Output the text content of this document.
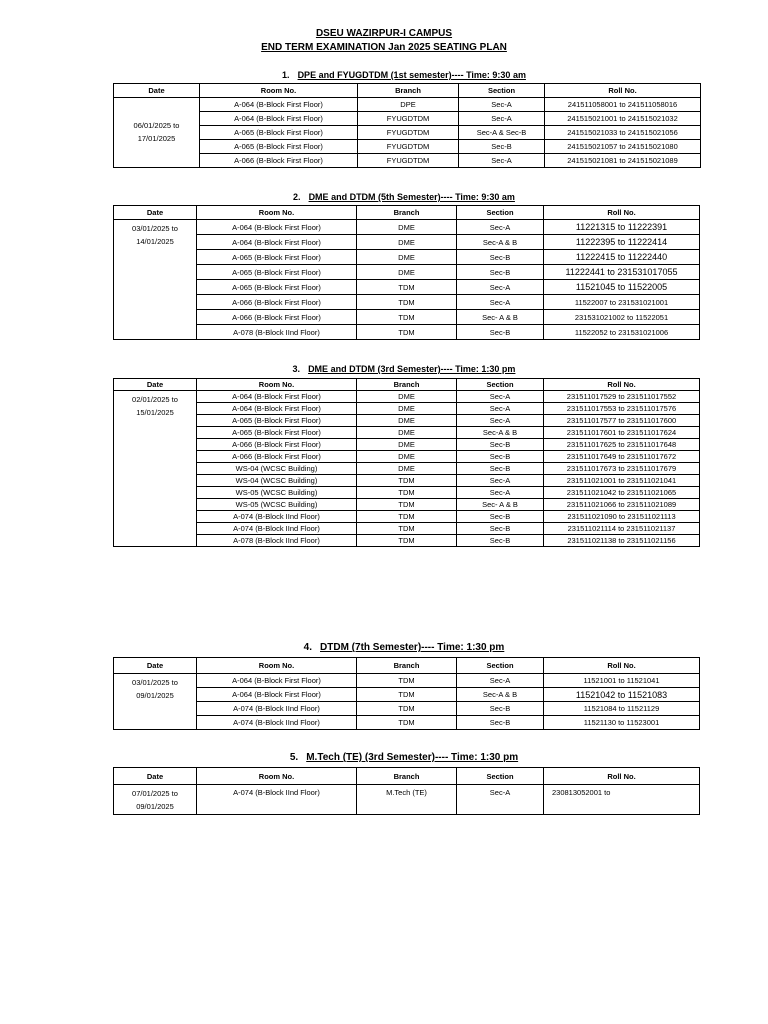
DSEU WAZIRPUR-I CAMPUS
END TERM EXAMINATION Jan 2025 SEATING PLAN
1. DPE and FYUGDTDM (1st semester)---- Time: 9:30 am
Date	Room No.	Branch	Section	Roll No.
06/01/2025 to
17/01/2025	A-064 (B-Block First Floor)	DPE	Sec-A	241511058001 to 241511058016
	A-064 (B-Block First Floor)	FYUGDTDM	Sec-A	241515021001 to 241515021032
	A-065 (B-Block First Floor)	FYUGDTDM	Sec-A & Sec-B	241515021033 to 241515021056
	A-065 (B-Block First Floor)	FYUGDTDM	Sec-B	241515021057 to 241515021080
	A-066 (B-Block First Floor)	FYUGDTDM	Sec-A	241515021081 to 241515021089
2. DME and DTDM (5th Semester)---- Time: 9:30 am
Date	Room No.	Branch	Section	Roll No.
03/01/2025 to
14/01/2025	A-064 (B-Block First Floor)	DME	Sec-A	11221315 to 11222391
	A-064 (B-Block First Floor)	DME	Sec-A & B	11222395 to 11222414
	A-065 (B-Block First Floor)	DME	Sec-B	11222415 to 11222440
	A-065 (B-Block First Floor)	DME	Sec-B	11222441 to 231531017055
	A-065 (B-Block First Floor)	TDM	Sec-A	11521045 to 11522005
	A-066 (B-Block First Floor)	TDM	Sec-A	11522007 to 231531021001
	A-066 (B-Block First Floor)	TDM	Sec- A & B	231531021002 to 11522051
	A-078 (B-Block IInd Floor)	TDM	Sec-B	11522052 to 231531021006
3. DME and DTDM (3rd Semester)---- Time: 1:30 pm
Date	Room No.	Branch	Section	Roll No.
02/01/2025 to
15/01/2025	A-064 (B-Block First Floor)	DME	Sec-A	231511017529 to 231511017552
	A-064 (B-Block First Floor)	DME	Sec-A	231511017553 to 231511017576
	A-065 (B-Block First Floor)	DME	Sec-A	231511017577 to 231511017600
	A-065 (B-Block First Floor)	DME	Sec-A & B	231511017601 to 231511017624
	A-066 (B-Block First Floor)	DME	Sec-B	231511017625 to 231511017648
	A-066 (B-Block First Floor)	DME	Sec-B	231511017649 to 231511017672
	WS-04 (WCSC Building)	DME	Sec-B	231511017673 to 231511017679
	WS-04 (WCSC Building)	TDM	Sec-A	231511021001 to 231511021041
	WS-05 (WCSC Building)	TDM	Sec-A	231511021042 to 231511021065
	WS-05 (WCSC Building)	TDM	Sec- A & B	231511021066 to 231511021089
	A-074 (B-Block IInd Floor)	TDM	Sec-B	231511021090 to 231511021113
	A-074 (B-Block IInd Floor)	TDM	Sec-B	231511021114 to 231511021137
	A-078 (B-Block IInd Floor)	TDM	Sec-B	231511021138 to 231511021156
4. DTDM (7th Semester)---- Time: 1:30 pm
Date	Room No.	Branch	Section	Roll No.
03/01/2025 to
09/01/2025	A-064 (B-Block First Floor)	TDM	Sec-A	11521001 to 11521041
	A-064 (B-Block First Floor)	TDM	Sec-A & B	11521042 to 11521083
	A-074 (B-Block IInd Floor)	TDM	Sec-B	11521084 to 11521129
	A-074 (B-Block IInd Floor)	TDM	Sec-B	11521130 to 11523001
5. M.Tech (TE) (3rd Semester)---- Time: 1:30 pm
Date	Room No.	Branch	Section	Roll No.
07/01/2025 to
09/01/2025	A-074 (B-Block IInd Floor)	M.Tech (TE)	Sec-A	230813052001 to
